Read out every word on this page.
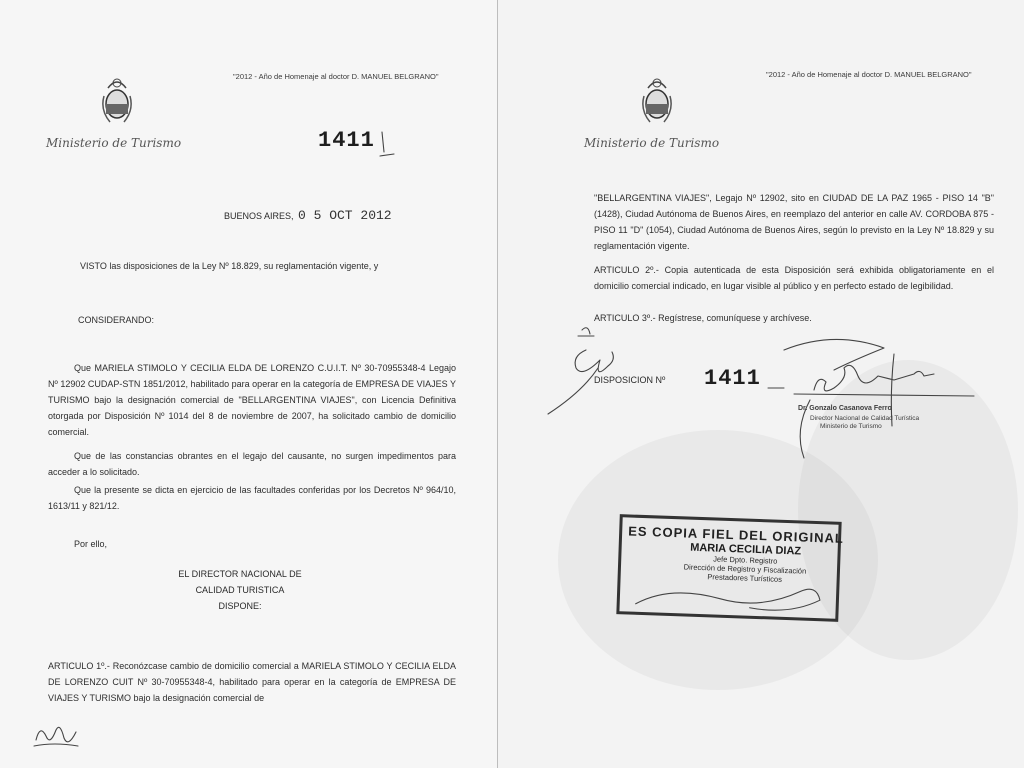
"2012 - Año de Homenaje al doctor D. MANUEL BELGRANO"
Ministerio de Turismo	1411
BUENOS AIRES, 0 5 OCT 2012

VISTO las disposiciones de la Ley Nº 18.829, su reglamentación vigente, y

CONSIDERANDO:

Que MARIELA STIMOLO Y CECILIA ELDA DE LORENZO C.U.I.T. Nº 30-70955348-4 Legajo Nº 12902 CUDAP-STN 1851/2012, habilitado para operar en la categoría de EMPRESA DE VIAJES Y TURISMO bajo la designación comercial de "BELLARGENTINA VIAJES", con Licencia Definitiva otorgada por Disposición Nº 1014 del 8 de noviembre de 2007, ha solicitado cambio de domicilio comercial.

Que de las constancias obrantes en el legajo del causante, no surgen impedimentos para acceder a lo solicitado.

Que la presente se dicta en ejercicio de las facultades conferidas por los Decretos Nº 964/10, 1613/11 y 821/12.

Por ello,

EL DIRECTOR NACIONAL DE
CALIDAD TURISTICA
DISPONE:

ARTICULO 1º.- Reconózcase cambio de domicilio comercial a MARIELA STIMOLO Y CECILIA ELDA DE LORENZO CUIT Nº 30-70955348-4, habilitado para operar en la categoría de EMPRESA DE VIAJES Y TURISMO bajo la designación comercial de

"2012 - Año de Homenaje al doctor D. MANUEL BELGRANO"
Ministerio de Turismo

"BELLARGENTINA VIAJES", Legajo Nº 12902, sito en CIUDAD DE LA PAZ 1965 - PISO 14 "B" (1428), Ciudad Autónoma de Buenos Aires, en reemplazo del anterior en calle AV. CORDOBA 875 - PISO 11 "D" (1054), Ciudad Autónoma de Buenos Aires, según lo previsto en la Ley Nº 18.829 y su reglamentación vigente.

ARTICULO 2º.- Copia autenticada de esta Disposición será exhibida obligatoriamente en el domicilio comercial indicado, en lugar visible al público y en perfecto estado de legibilidad.

ARTICULO 3º.- Regístrese, comuníquese y archívese.

DISPOSICION Nº 1411
Dr. Gonzalo Casanova Ferro
Director Nacional de Calidad Turística
Ministerio de Turismo
ES COPIA FIEL DEL ORIGINAL
MARIA CECILIA DIAZ
Jefe Dpto. Registro
Dirección de Registro y Fiscalización
Prestadores Turísticos
